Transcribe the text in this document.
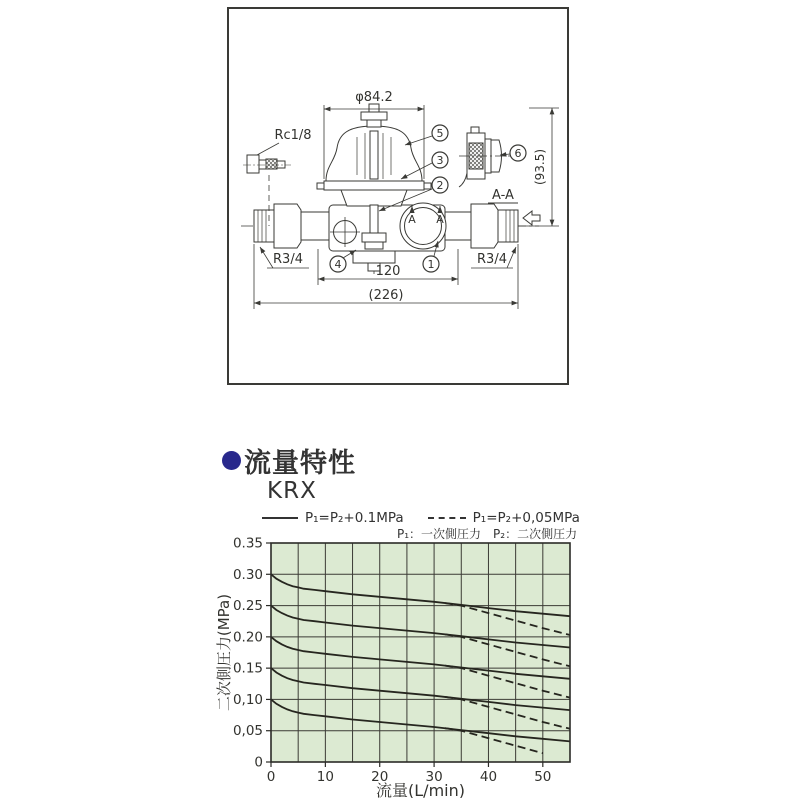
φ84.2
Rc1/8
R3/4	R3/4
120
(226)
A-A
(93.5)
A A
5
3
2
6
4	1
流量特性
KRX
P₁=P₂+0.1MPa	P₁=P₂+0,05MPa
P₁：一次側圧力　P₂：二次側圧力
0	10	20	30	40	50
0
0,05
0,10
0.15
0.20
0.25
0.30
0.35
流量(L/min)
二次側圧力(MPa)
